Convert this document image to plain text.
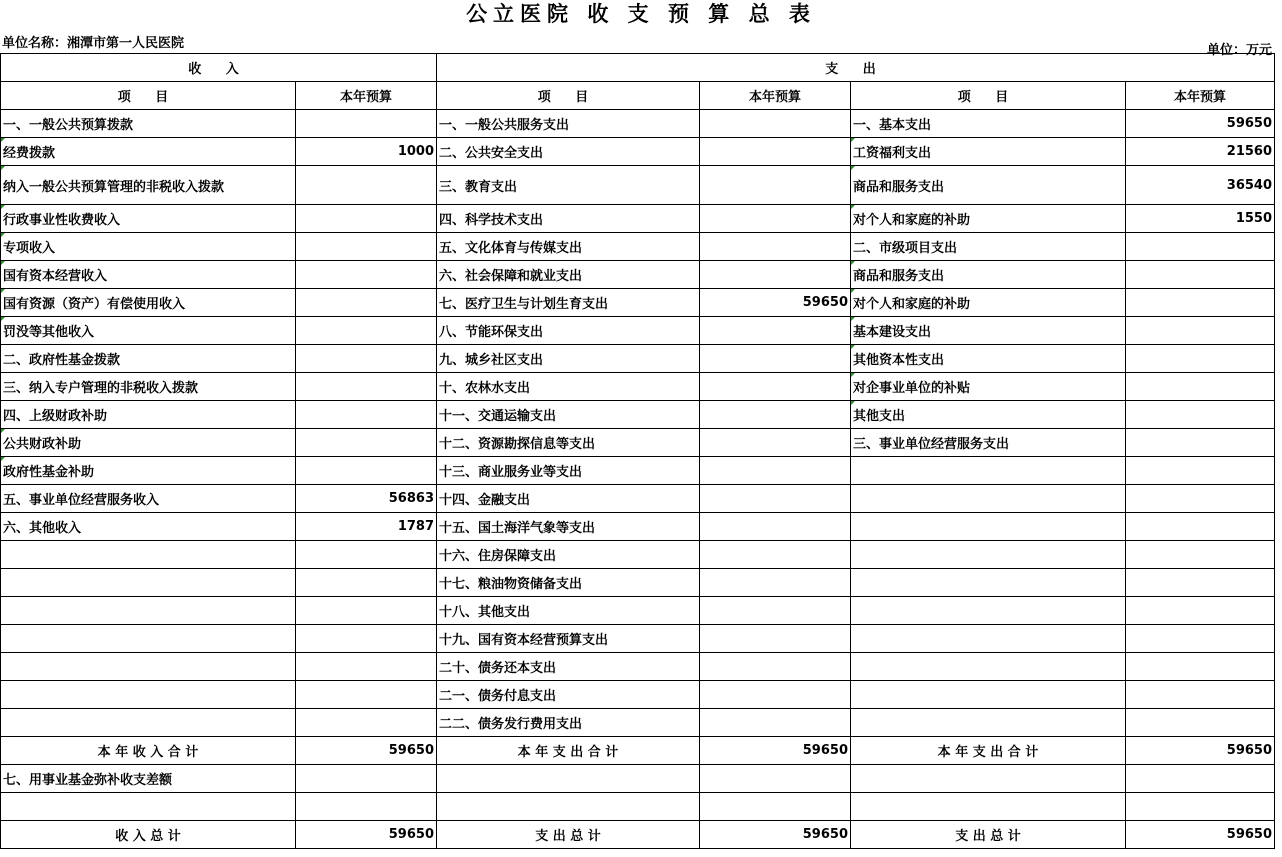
公立医院 收 支 预 算 总 表
单位名称：湘潭市第一人民医院	单位：万元
收 入		支 出			
项 目	本年预算	项 目	本年预算	项 目	本年预算
一、一般公共预算拨款		一、一般公共服务支出		一、基本支出	59650
经费拨款	1000	二、公共安全支出		工资福利支出	21560
纳入一般公共预算管理的非税收入拨款		三、教育支出		商品和服务支出	36540
行政事业性收费收入		四、科学技术支出		对个人和家庭的补助	1550
专项收入		五、文化体育与传媒支出		二、市级项目支出	
国有资本经营收入		六、社会保障和就业支出		商品和服务支出	
国有资源（资产）有偿使用收入		七、医疗卫生与计划生育支出	59650	对个人和家庭的补助	
罚没等其他收入		八、节能环保支出		基本建设支出	
二、政府性基金拨款		九、城乡社区支出		其他资本性支出	
三、纳入专户管理的非税收入拨款		十、农林水支出		对企事业单位的补贴	
四、上级财政补助		十一、交通运输支出		其他支出	
公共财政补助		十二、资源勘探信息等支出		三、事业单位经营服务支出	
政府性基金补助		十三、商业服务业等支出			
五、事业单位经营服务收入	56863	十四、金融支出			
六、其他收入	1787	十五、国土海洋气象等支出			
		十六、住房保障支出			
		十七、粮油物资储备支出			
		十八、其他支出			
		十九、国有资本经营预算支出			
		二十、债务还本支出			
		二一、债务付息支出			
		二二、债务发行费用支出			
本 年 收 入 合 计	59650	本 年 支 出 合 计	59650	本 年 支 出 合 计	59650
七、用事业基金弥补收支差额					

收 入 总 计	59650	支 出 总 计	59650	支 出 总 计	59650
